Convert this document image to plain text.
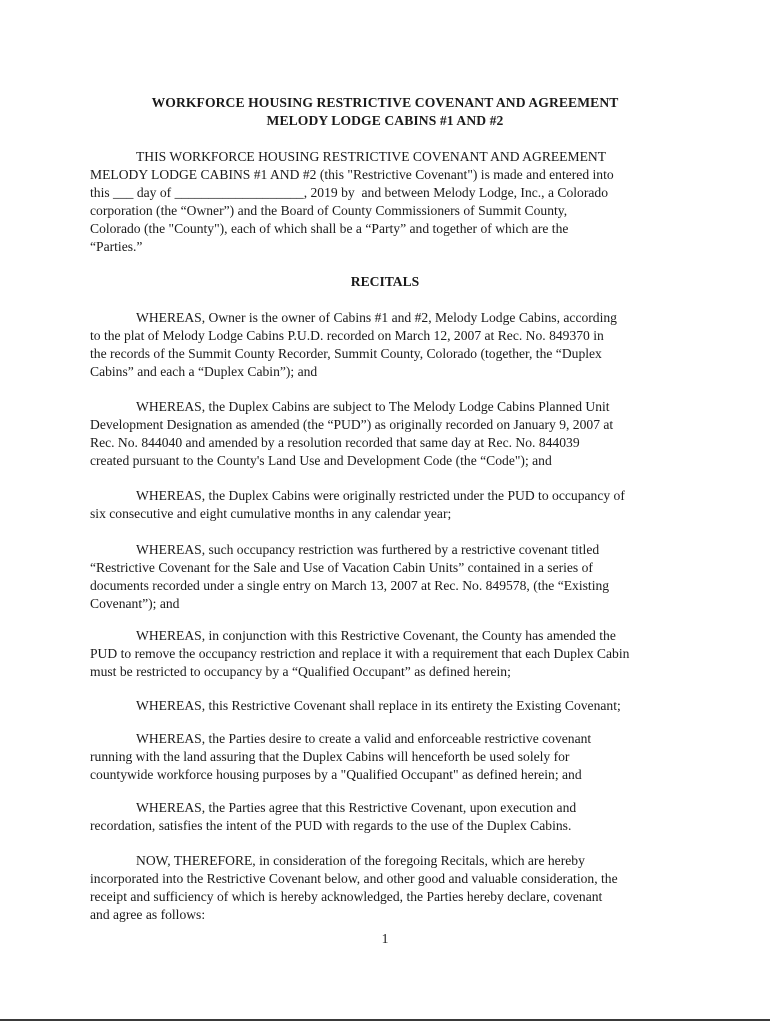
WORKFORCE HOUSING RESTRICTIVE COVENANT AND AGREEMENT
MELODY LODGE CABINS #1 AND #2
THIS WORKFORCE HOUSING RESTRICTIVE COVENANT AND AGREEMENT
MELODY LODGE CABINS #1 AND #2 (this "Restrictive Covenant") is made and entered into
this ___ day of ___________________, 2019 by  and between Melody Lodge, Inc., a Colorado
corporation (the “Owner”) and the Board of County Commissioners of Summit County,
Colorado (the "County"), each of which shall be a “Party” and together of which are the
“Parties.”
RECITALS
WHEREAS, Owner is the owner of Cabins #1 and #2, Melody Lodge Cabins, according
to the plat of Melody Lodge Cabins P.U.D. recorded on March 12, 2007 at Rec. No. 849370 in
the records of the Summit County Recorder, Summit County, Colorado (together, the “Duplex
Cabins” and each a “Duplex Cabin”); and
WHEREAS, the Duplex Cabins are subject to The Melody Lodge Cabins Planned Unit
Development Designation as amended (the “PUD”) as originally recorded on January 9, 2007 at
Rec. No. 844040 and amended by a resolution recorded that same day at Rec. No. 844039
created pursuant to the County's Land Use and Development Code (the “Code"); and
WHEREAS, the Duplex Cabins were originally restricted under the PUD to occupancy of
six consecutive and eight cumulative months in any calendar year;
WHEREAS, such occupancy restriction was furthered by a restrictive covenant titled
“Restrictive Covenant for the Sale and Use of Vacation Cabin Units” contained in a series of
documents recorded under a single entry on March 13, 2007 at Rec. No. 849578, (the “Existing
Covenant”); and
WHEREAS, in conjunction with this Restrictive Covenant, the County has amended the
PUD to remove the occupancy restriction and replace it with a requirement that each Duplex Cabin
must be restricted to occupancy by a “Qualified Occupant” as defined herein;
WHEREAS, this Restrictive Covenant shall replace in its entirety the Existing Covenant;
WHEREAS, the Parties desire to create a valid and enforceable restrictive covenant
running with the land assuring that the Duplex Cabins will henceforth be used solely for
countywide workforce housing purposes by a "Qualified Occupant" as defined herein; and
WHEREAS, the Parties agree that this Restrictive Covenant, upon execution and
recordation, satisfies the intent of the PUD with regards to the use of the Duplex Cabins.
NOW, THEREFORE, in consideration of the foregoing Recitals, which are hereby
incorporated into the Restrictive Covenant below, and other good and valuable consideration, the
receipt and sufficiency of which is hereby acknowledged, the Parties hereby declare, covenant
and agree as follows:
1
